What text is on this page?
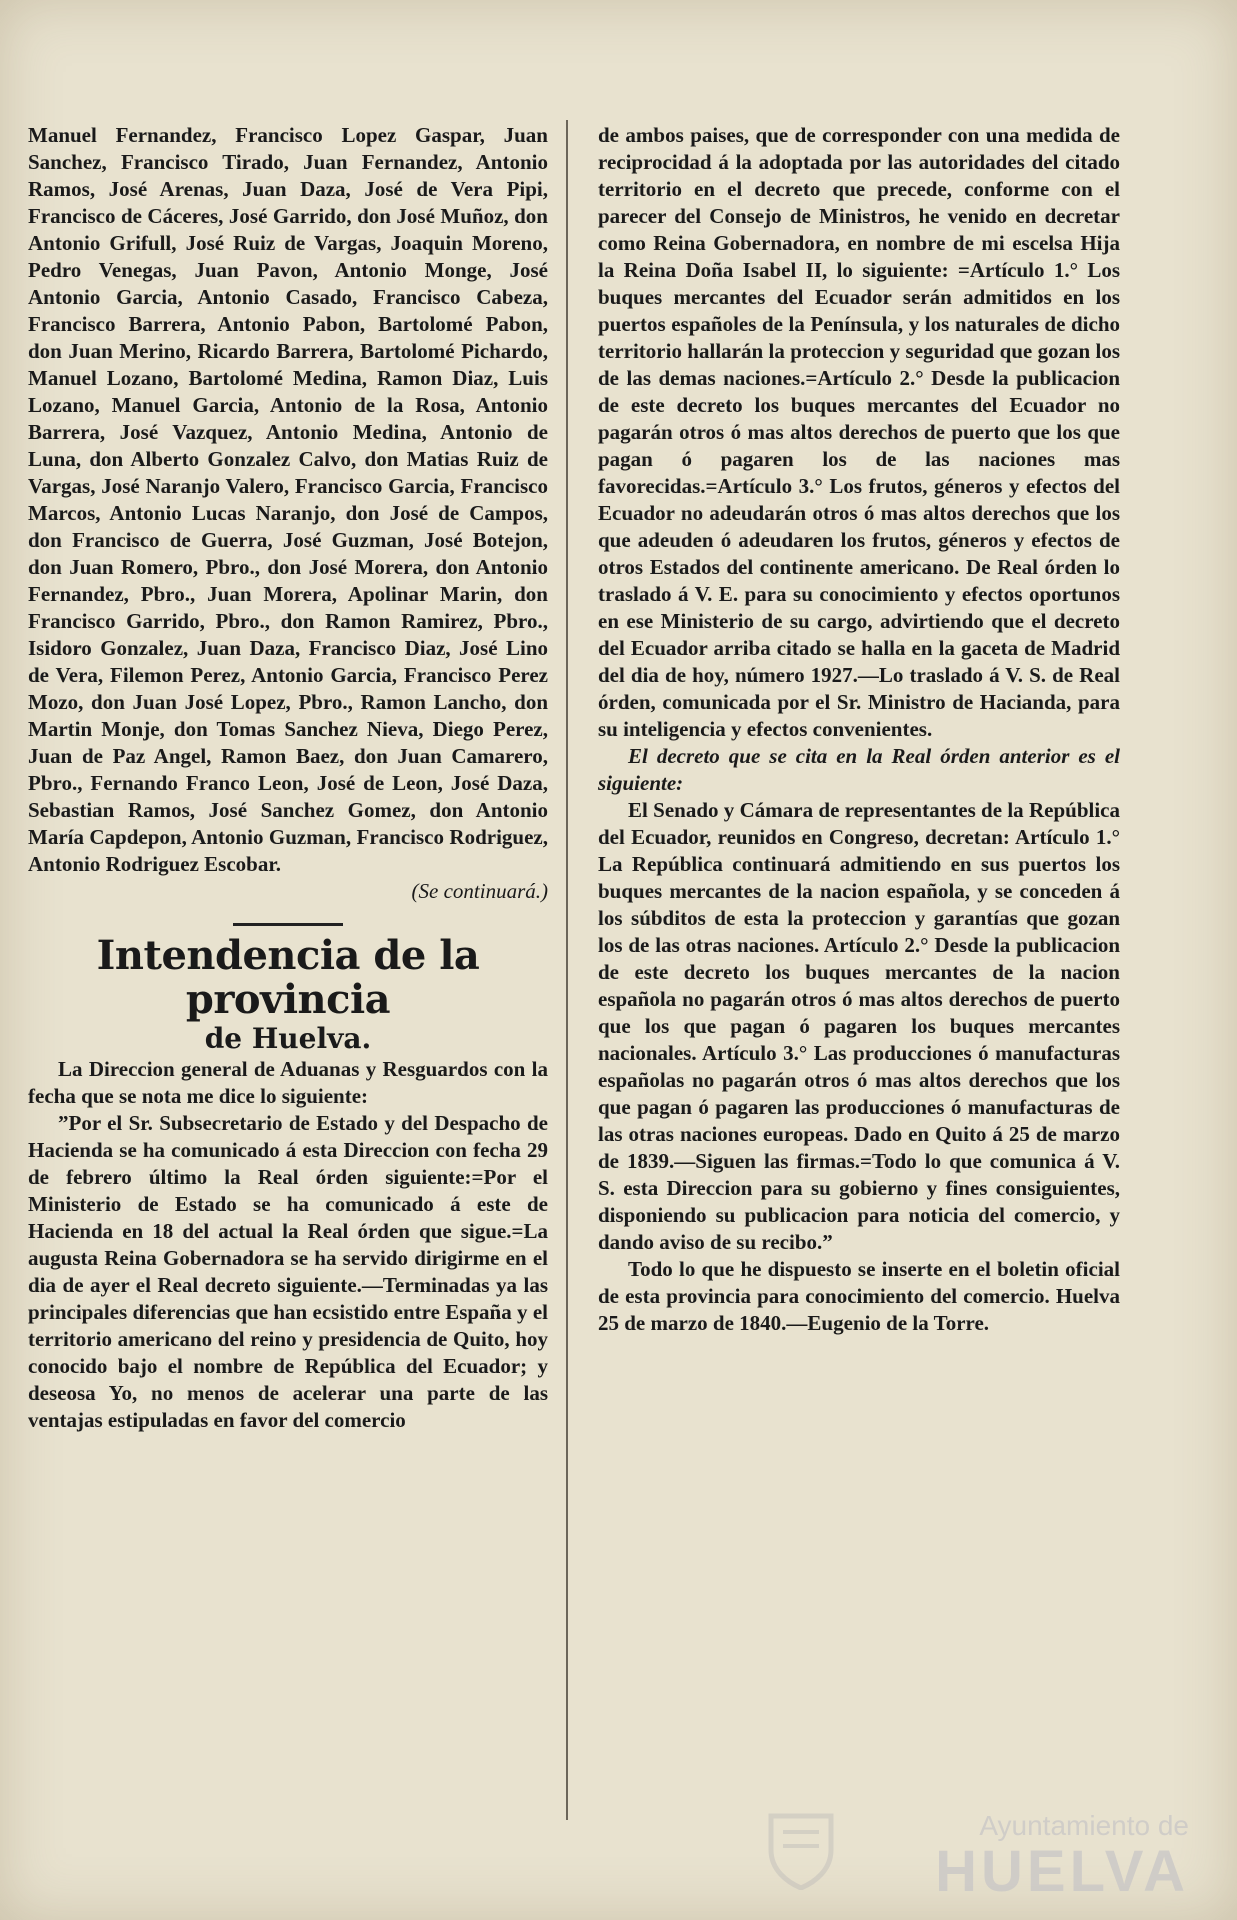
Manuel Fernandez, Francisco Lopez Gaspar, Juan Sanchez, Francisco Tirado, Juan Fernandez, Antonio Ramos, José Arenas, Juan Daza, José de Vera Pipi, Francisco de Cáceres, José Garrido, don José Muñoz, don Antonio Grifull, José Ruiz de Vargas, Joaquin Moreno, Pedro Venegas, Juan Pavon, Antonio Monge, José Antonio Garcia, Antonio Casado, Francisco Cabeza, Francisco Barrera, Antonio Pabon, Bartolomé Pabon, don Juan Merino, Ricardo Barrera, Bartolomé Pichardo, Manuel Lozano, Bartolomé Medina, Ramon Diaz, Luis Lozano, Manuel Garcia, Antonio de la Rosa, Antonio Barrera, José Vazquez, Antonio Medina, Antonio de Luna, don Alberto Gonzalez Calvo, don Matias Ruiz de Vargas, José Naranjo Valero, Francisco Garcia, Francisco Marcos, Antonio Lucas Naranjo, don José de Campos, don Francisco de Guerra, José Guzman, José Botejon, don Juan Romero, Pbro., don José Morera, don Antonio Fernandez, Pbro., Juan Morera, Apolinar Marin, don Francisco Garrido, Pbro., don Ramon Ramirez, Pbro., Isidoro Gonzalez, Juan Daza, Francisco Diaz, José Lino de Vera, Filemon Perez, Antonio Garcia, Francisco Perez Mozo, don Juan José Lopez, Pbro., Ramon Lancho, don Martin Monje, don Tomas Sanchez Nieva, Diego Perez, Juan de Paz Angel, Ramon Baez, don Juan Camarero, Pbro., Fernando Franco Leon, José de Leon, José Daza, Sebastian Ramos, José Sanchez Gomez, don Antonio María Capdepon, Antonio Guzman, Francisco Rodriguez, Antonio Rodriguez Escobar.

(Se continuará.)

Intendencia de la provincia

de Huelva.

La Direccion general de Aduanas y Resguardos con la fecha que se nota me dice lo siguiente:

”Por el Sr. Subsecretario de Estado y del Despacho de Hacienda se ha comunicado á esta Direccion con fecha 29 de febrero último la Real órden siguiente:=Por el Ministerio de Estado se ha comunicado á este de Hacienda en 18 del actual la Real órden que sigue.=La augusta Reina Gobernadora se ha servido dirigirme en el dia de ayer el Real decreto siguiente.—Terminadas ya las principales diferencias que han ecsistido entre España y el territorio americano del reino y presidencia de Quito, hoy conocido bajo el nombre de República del Ecuador; y deseosa Yo, no menos de acelerar una parte de las ventajas estipuladas en favor del comercio

de ambos paises, que de corresponder con una medida de reciprocidad á la adoptada por las autoridades del citado territorio en el decreto que precede, conforme con el parecer del Consejo de Ministros, he venido en decretar como Reina Gobernadora, en nombre de mi escelsa Hija la Reina Doña Isabel II, lo siguiente: =Artículo 1.° Los buques mercantes del Ecuador serán admitidos en los puertos españoles de la Península, y los naturales de dicho territorio hallarán la proteccion y seguridad que gozan los de las demas naciones.=Artículo 2.° Desde la publicacion de este decreto los buques mercantes del Ecuador no pagarán otros ó mas altos derechos de puerto que los que pagan ó pagaren los de las naciones mas favorecidas.=Artículo 3.° Los frutos, géneros y efectos del Ecuador no adeudarán otros ó mas altos derechos que los que adeuden ó adeudaren los frutos, géneros y efectos de otros Estados del continente americano. De Real órden lo traslado á V. E. para su conocimiento y efectos oportunos en ese Ministerio de su cargo, advirtiendo que el decreto del Ecuador arriba citado se halla en la gaceta de Madrid del dia de hoy, número 1927.—Lo traslado á V. S. de Real órden, comunicada por el Sr. Ministro de Hacianda, para su inteligencia y efectos convenientes.

El decreto que se cita en la Real órden anterior es el siguiente:

El Senado y Cámara de representantes de la República del Ecuador, reunidos en Congreso, decretan: Artículo 1.° La República continuará admitiendo en sus puertos los buques mercantes de la nacion española, y se conceden á los súbditos de esta la proteccion y garantías que gozan los de las otras naciones. Artículo 2.° Desde la publicacion de este decreto los buques mercantes de la nacion española no pagarán otros ó mas altos derechos de puerto que los que pagan ó pagaren los buques mercantes nacionales. Artículo 3.° Las producciones ó manufacturas españolas no pagarán otros ó mas altos derechos que los que pagan ó pagaren las producciones ó manufacturas de las otras naciones europeas. Dado en Quito á 25 de marzo de 1839.—Siguen las firmas.=Todo lo que comunica á V. S. esta Direccion para su gobierno y fines consiguientes, disponiendo su publicacion para noticia del comercio, y dando aviso de su recibo.”

Todo lo que he dispuesto se inserte en el boletin oficial de esta provincia para conocimiento del comercio. Huelva 25 de marzo de 1840.—Eugenio de la Torre.

Ayuntamiento de
HUELVA
